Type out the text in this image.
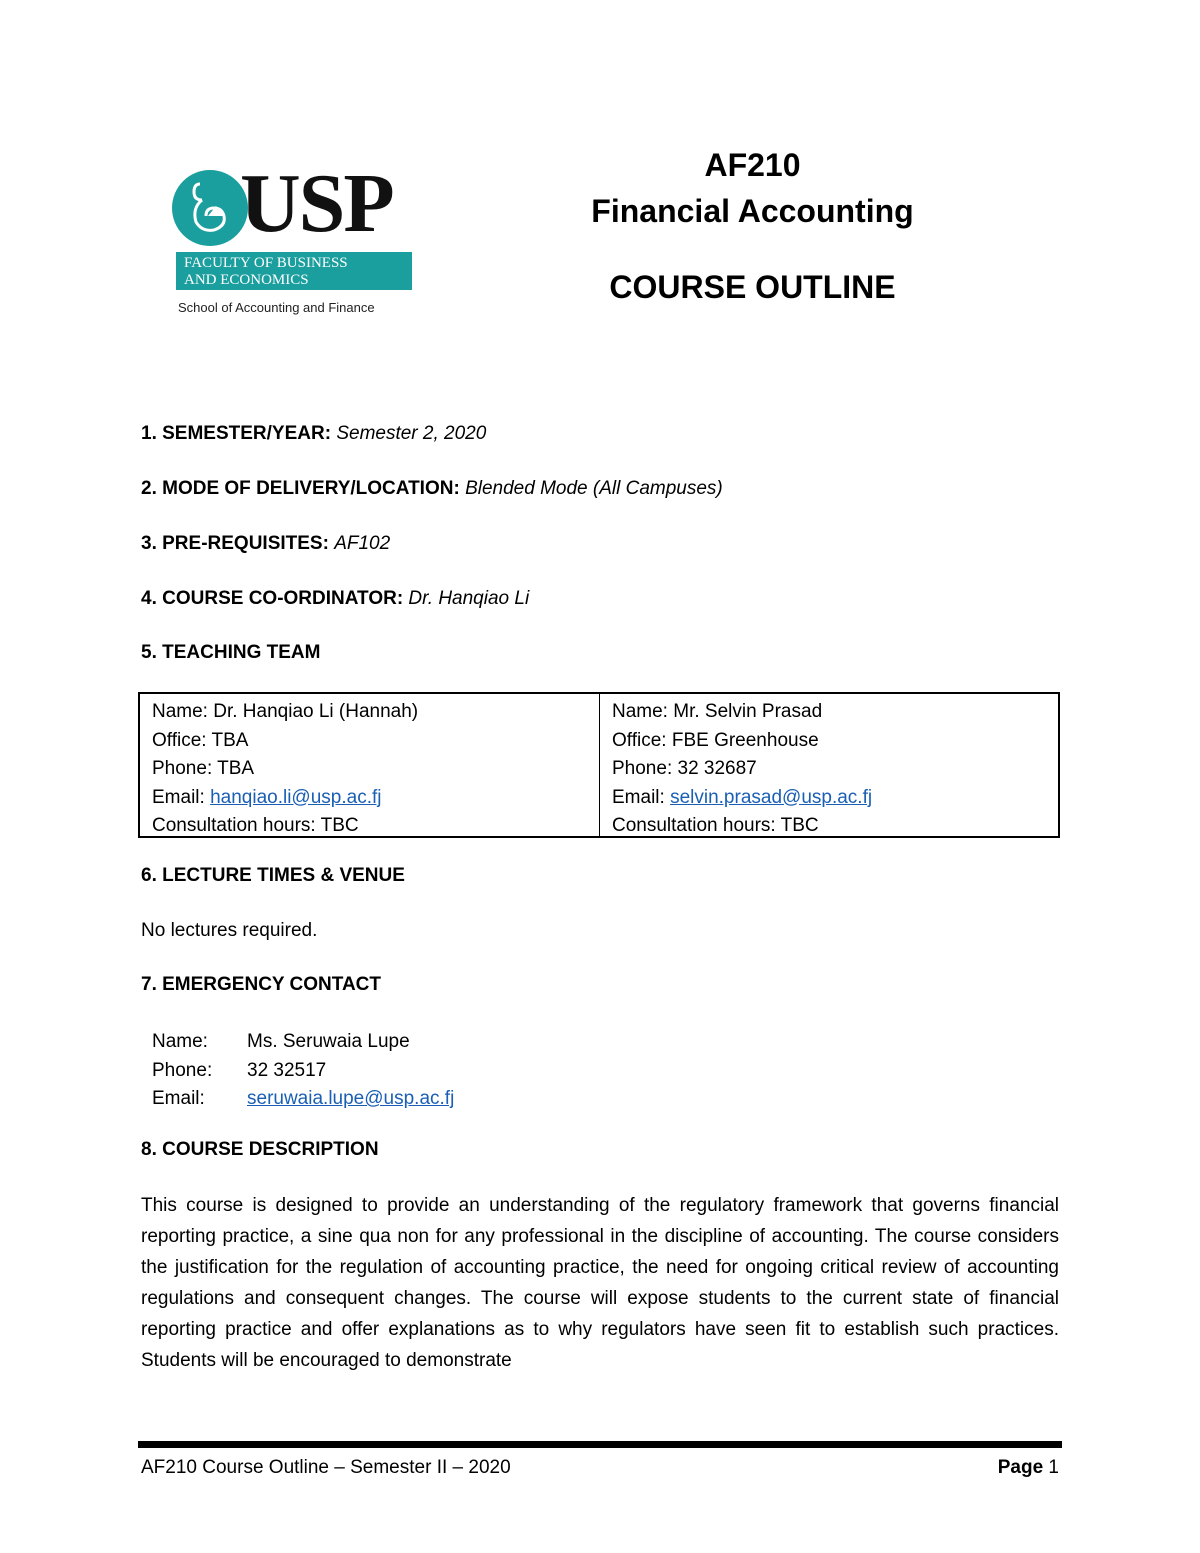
USP
FACULTY OF BUSINESS
AND ECONOMICS
School of Accounting and Finance
AF210
Financial Accounting
COURSE OUTLINE
1. SEMESTER/YEAR: Semester 2, 2020
2. MODE OF DELIVERY/LOCATION: Blended Mode (All Campuses)
3. PRE-REQUISITES: AF102
4. COURSE CO-ORDINATOR: Dr. Hanqiao Li
5. TEACHING TEAM
Name: Dr. Hanqiao Li (Hannah)
Office: TBA
Phone: TBA
Email: hanqiao.li@usp.ac.fj
Consultation hours: TBC
Name: Mr. Selvin Prasad
Office: FBE Greenhouse
Phone: 32 32687
Email: selvin.prasad@usp.ac.fj
Consultation hours: TBC
6. LECTURE TIMES & VENUE
No lectures required.
7. EMERGENCY CONTACT
Name:	Ms. Seruwaia Lupe
Phone:	32 32517
Email:	seruwaia.lupe@usp.ac.fj
8. COURSE DESCRIPTION
This course is designed to provide an understanding of the regulatory framework that governs financial reporting practice, a sine qua non for any professional in the discipline of accounting. The course considers the justification for the regulation of accounting practice, the need for ongoing critical review of accounting regulations and consequent changes. The course will expose students to the current state of financial reporting practice and offer explanations as to why regulators have seen fit to establish such practices. Students will be encouraged to demonstrate
AF210 Course Outline – Semester II – 2020	Page 1
